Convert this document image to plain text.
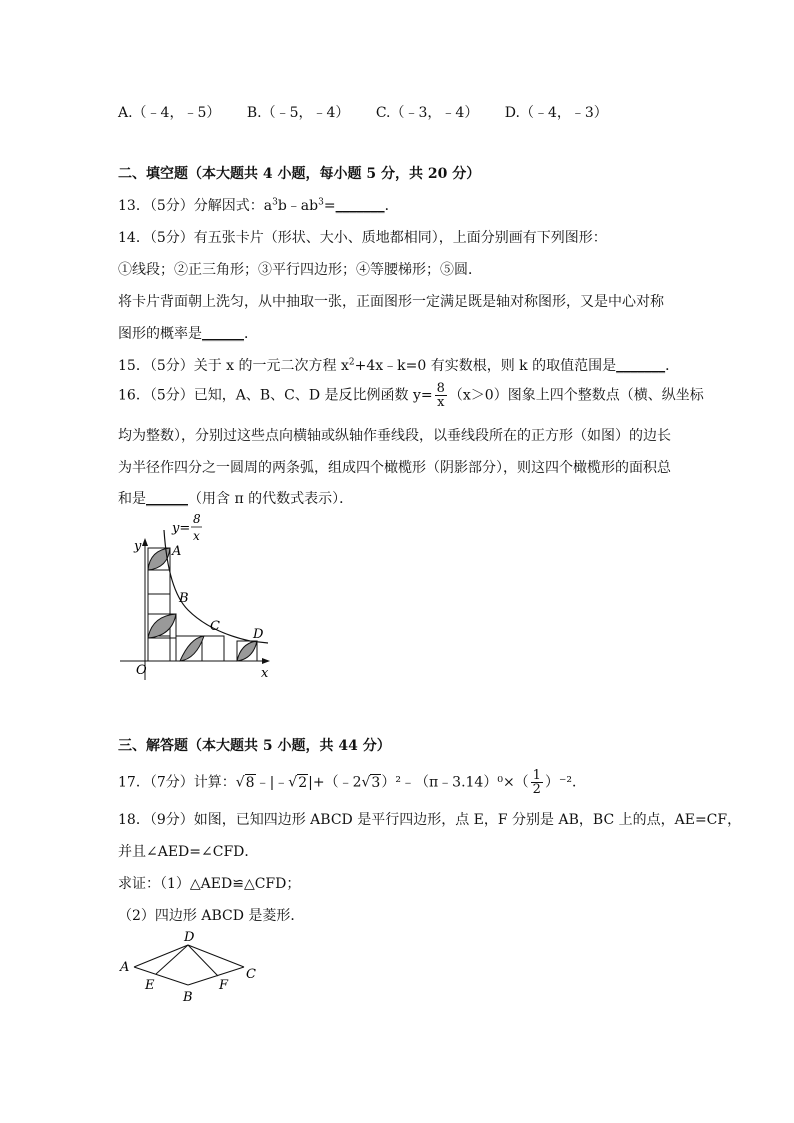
A.（﹣4，﹣5） B.（﹣5，﹣4） C.（﹣3，﹣4） D.（﹣4，﹣3）
二、填空题（本大题共 4 小题，每小题 5 分，共 20 分）
13．（5分）分解因式：$a^3b﹣ab^3=\_\_\_\_\_\_\_$．
14．（5分）有五张卡片（形状、大小、质地都相同），上面分别画有下列图形：
①线段；②正三角形；③平行四边形；④等腰梯形；⑤圆．
将卡片背面朝上洗匀，从中抽取一张，正面图形一定满足既是轴对称图形，又是中心对称
图形的概率是______．
15．（5分）关于 x 的一元二次方程 $x^2+4x﹣k=0$ 有实数根，则 k 的取值范围是_______．
16．（5分）已知，A、B、C、D 是反比例函数 $y= \frac{8}{x} (x>0)$图象上四个整数点（横、纵坐标
均为整数），分别过这些点向横轴或纵轴作垂线段，以垂线段所在的正方形（如图）的边长
为半径作四分之一圆周的两条弧，组成四个橄榄形（阴影部分），则这四个橄榄形的面积总
和是______（用含 π 的代数式表示）．
y=
8
x
y
x
O
A
B
C
D
三、解答题（本大题共 5 小题，共 44 分）
17．（7分）计算：√8﹣|﹣√2|+（﹣2√3）²﹣（π﹣3.14）⁰×（ $\frac{1}{2} )^{-2}$．
18．（9分）如图，已知四边形 ABCD 是平行四边形，点 E，F 分别是 AB，BC 上的点，AE=CF，
并且∠AED=∠CFD．
求证：（1）△AED≌△CFD；
（2）四边形 ABCD 是菱形．
A
D
C
B
E	F
